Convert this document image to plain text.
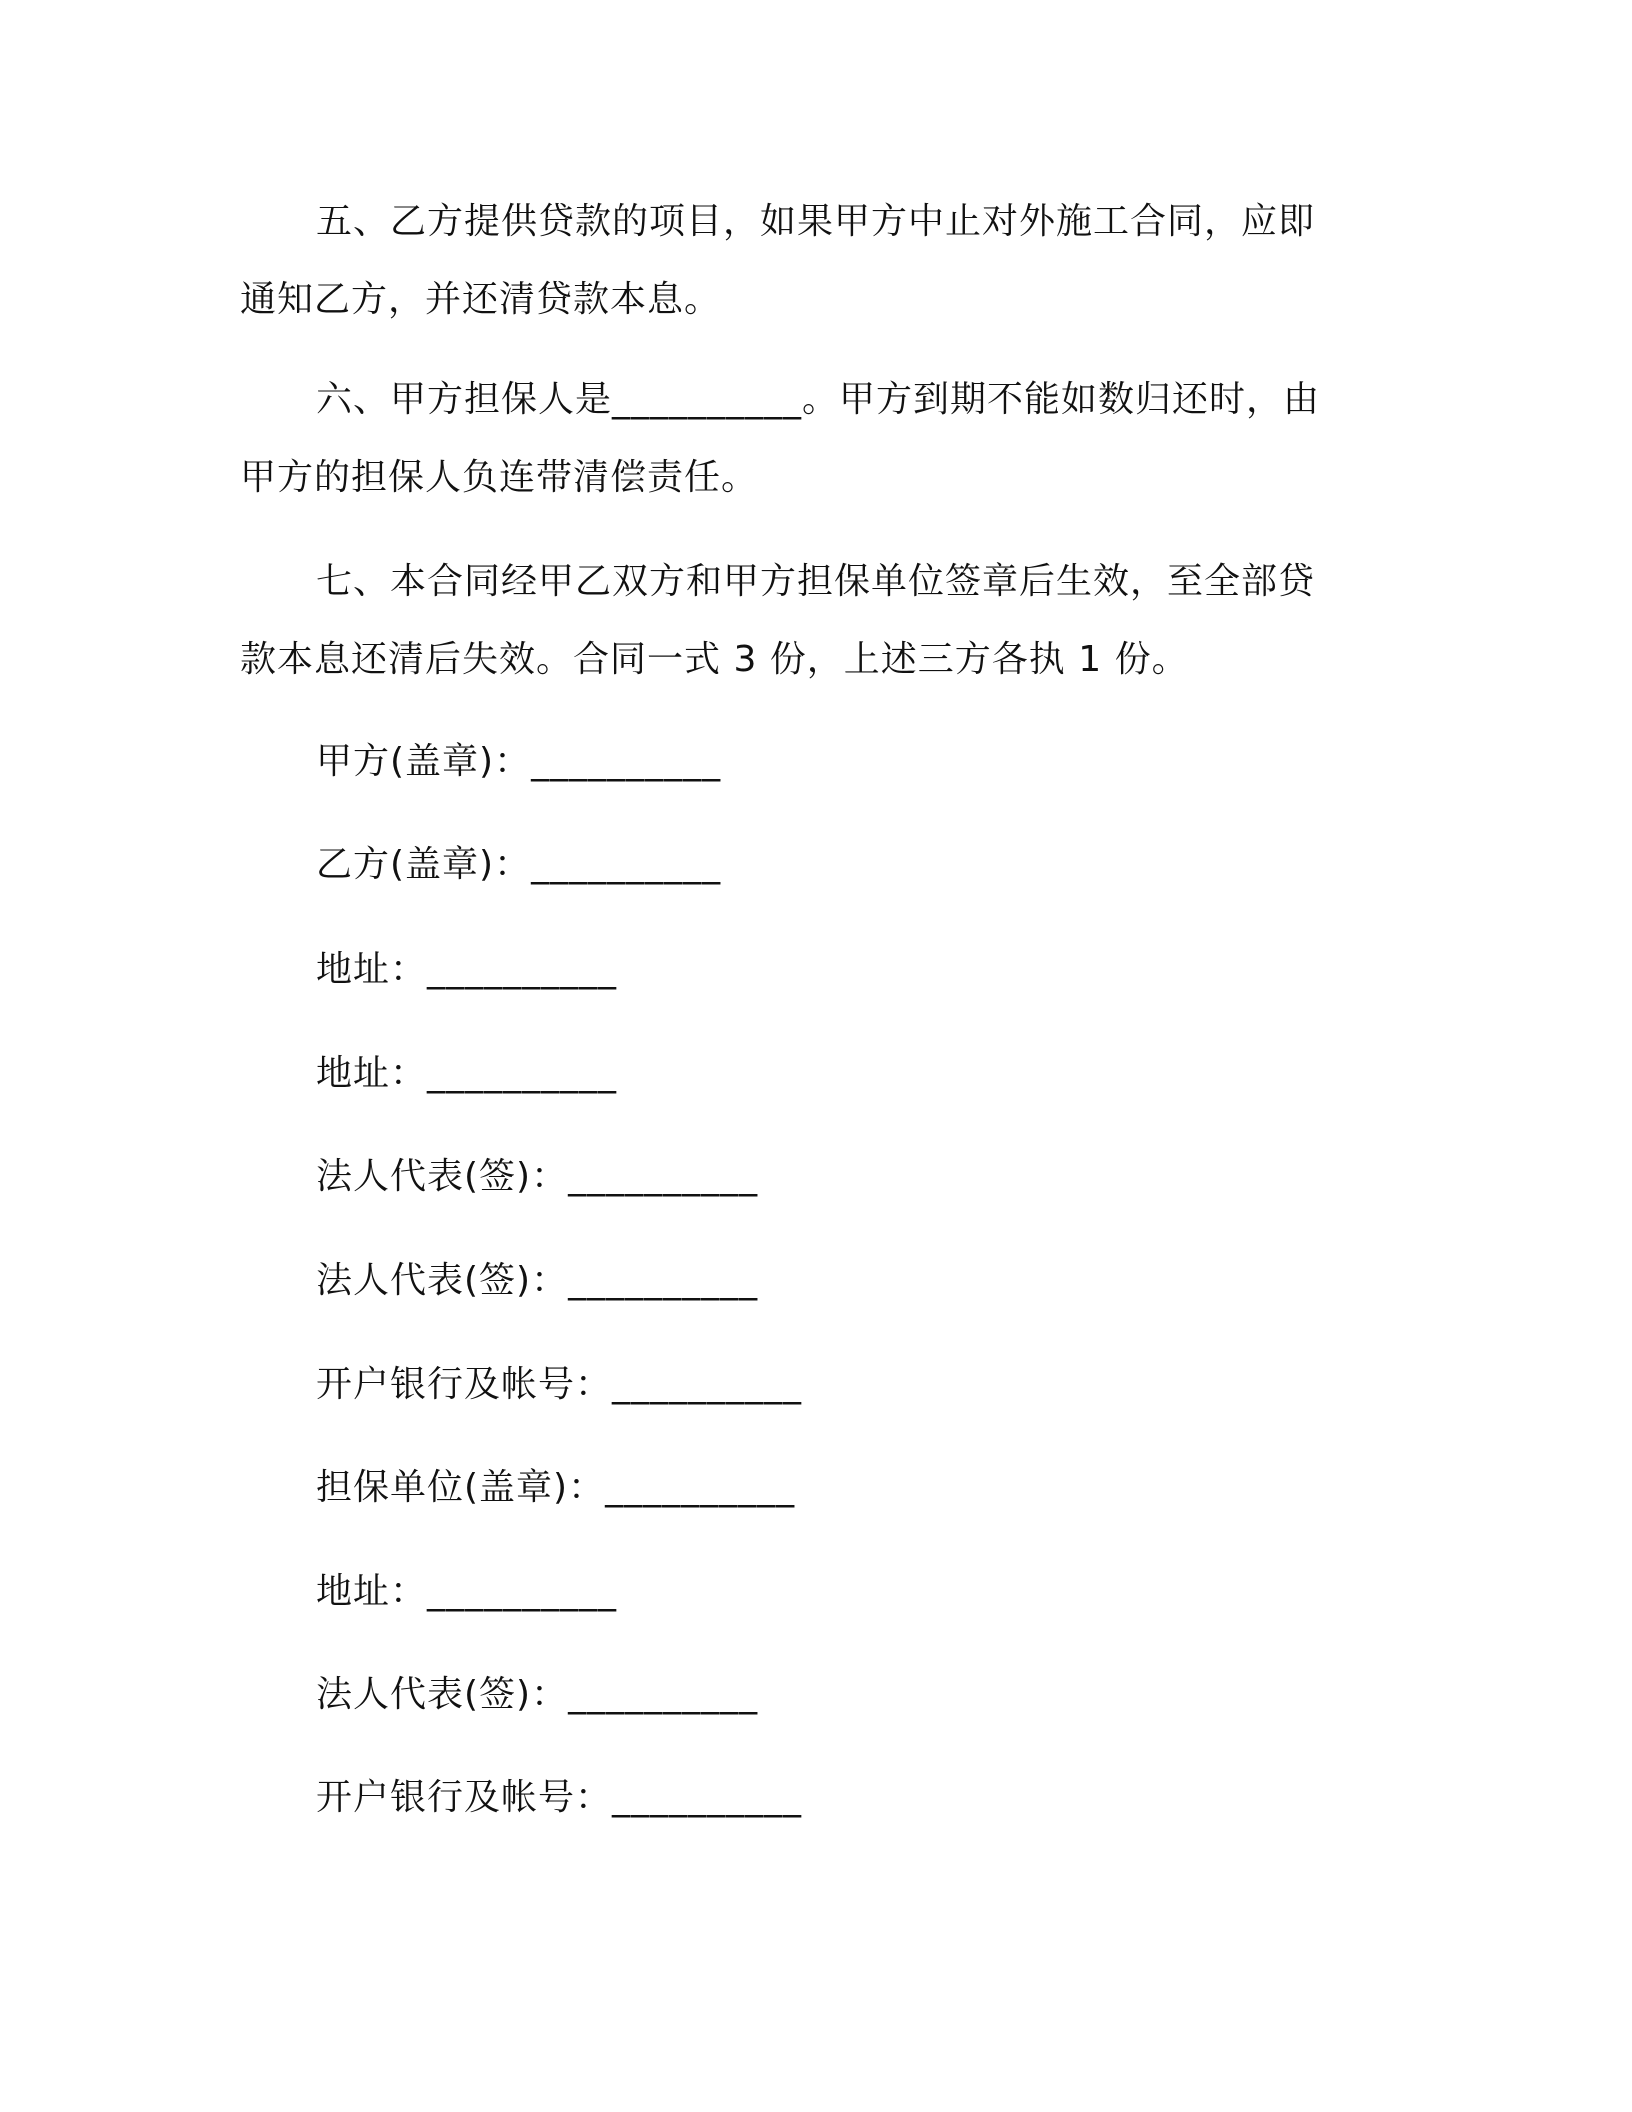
五、乙方提供贷款的项目，如果甲方中止对外施工合同，应即通知乙方，并还清贷款本息。

六、甲方担保人是__________。甲方到期不能如数归还时，由甲方的担保人负连带清偿责任。

七、本合同经甲乙双方和甲方担保单位签章后生效，至全部贷款本息还清后失效。合同一式 3 份，上述三方各执 1 份。

甲方(盖章)：__________
乙方(盖章)：__________
地址：__________
地址：__________
法人代表(签)：__________
法人代表(签)：__________
开户银行及帐号：__________
担保单位(盖章)：__________
地址：__________
法人代表(签)：__________
开户银行及帐号：__________
